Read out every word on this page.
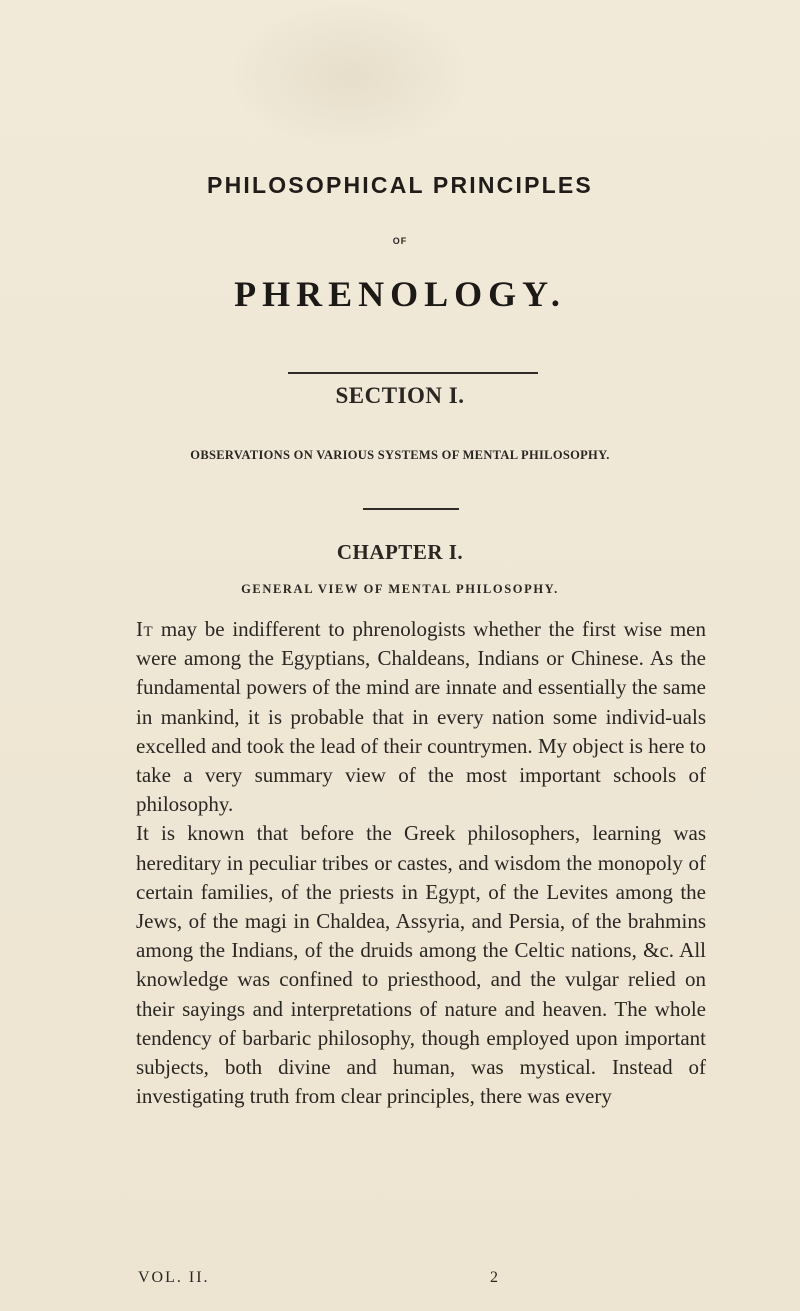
PHILOSOPHICAL PRINCIPLES
OF
PHRENOLOGY.
SECTION I.
OBSERVATIONS ON VARIOUS SYSTEMS OF MENTAL PHILOSOPHY.
CHAPTER I.
GENERAL VIEW OF MENTAL PHILOSOPHY.

It may be indifferent to phrenologists whether the first wise men were among the Egyptians, Chaldeans, Indians or Chinese. As the fundamental powers of the mind are innate and essentially the same in mankind, it is probable that in every nation some individ-uals excelled and took the lead of their countrymen. My object is here to take a very summary view of the most important schools of philosophy.

It is known that before the Greek philosophers, learning was hereditary in peculiar tribes or castes, and wisdom the monopoly of certain families, of the priests in Egypt, of the Levites among the Jews, of the magi in Chaldea, Assyria, and Persia, of the brahmins among the Indians, of the druids among the Celtic nations, &c. All knowledge was confined to priesthood, and the vulgar relied on their sayings and interpretations of nature and heaven. The whole tendency of barbaric philosophy, though employed upon important subjects, both divine and human, was mystical. Instead of investigating truth from clear principles, there was every

VOL. II.	2
